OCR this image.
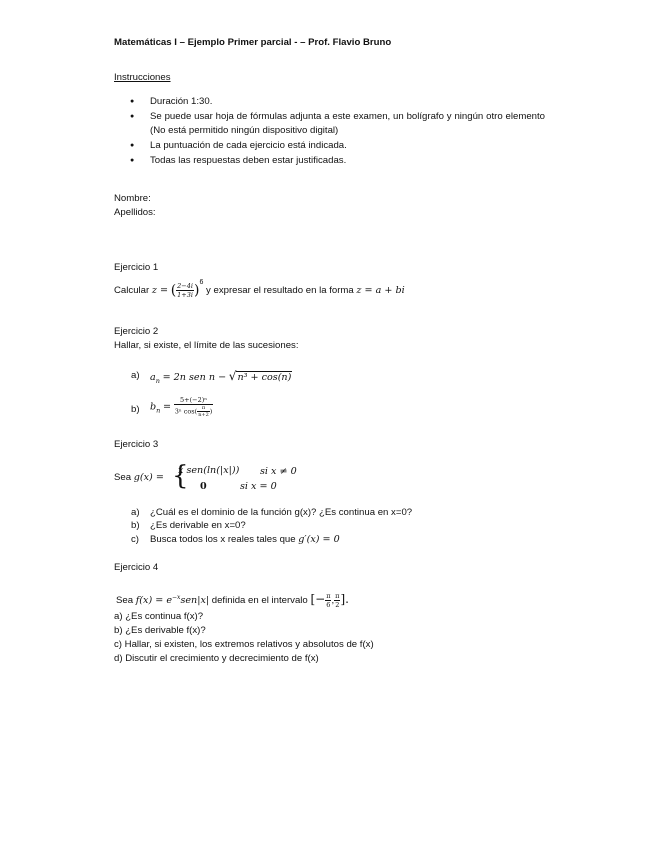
Matemáticas I – Ejemplo Primer parcial - – Prof. Flavio Bruno
Instrucciones
● Duración 1:30.
● Se puede usar hoja de fórmulas adjunta a este examen, un bolígrafo y ningún otro elemento (No está permitido ningún dispositivo digital)
● La puntuación de cada ejercicio está indicada.
● Todas las respuestas deben estar justificadas.
Nombre:
Apellidos:
Ejercicio 1
Calcular z = ( $\frac{2-4i}{1+3i} )^6$ y expresar el resultado en la forma z = a + bi
Ejercicio 2
Hallar, si existe, el límite de las sucesiones:
a) $a_n = 2n$ sen n − √n³ + cos(n)
b) $b_n = \frac{\text{5+(−2)ⁿ}}{3^n \cos( \frac{\pi}{n+2} )}$
Ejercicio 3
Sea g(x) = {
x sen(ln(|x|)) si x ≠ 0
0	si x = 0
a) ¿Cuál es el dominio de la función g(x)? ¿Es continua en x=0?
b) ¿Es derivable en x=0?
c) Busca todos los x reales tales que g′(x) = 0
Ejercicio 4
Sea $f(x) = e^{-x}sen|x|$ definida en el intervalo [− $\frac{\pi}{6}$ , $\frac{\pi}{2}$ ].
a) ¿Es continua f(x)?
b) ¿Es derivable f(x)?
c) Hallar, si existen, los extremos relativos y absolutos de f(x)
d) Discutir el crecimiento y decrecimiento de f(x)
